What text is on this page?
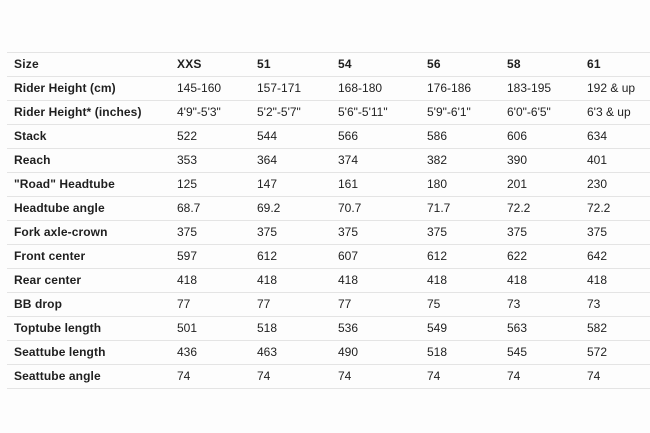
Size	XXS	51	54	56	58	61
Rider Height (cm)	145-160	157-171	168-180	176-186	183-195	192 & up
Rider Height* (inches)	4'9"-5'3"	5'2"-5'7"	5'6"-5'11"	5'9"-6'1"	6'0"-6'5"	6'3 & up
Stack	522	544	566	586	606	634
Reach	353	364	374	382	390	401
"Road" Headtube	125	147	161	180	201	230
Headtube angle	68.7	69.2	70.7	71.7	72.2	72.2
Fork axle-crown	375	375	375	375	375	375
Front center	597	612	607	612	622	642
Rear center	418	418	418	418	418	418
BB drop	77	77	77	75	73	73
Toptube length	501	518	536	549	563	582
Seattube length	436	463	490	518	545	572
Seattube angle	74	74	74	74	74	74
